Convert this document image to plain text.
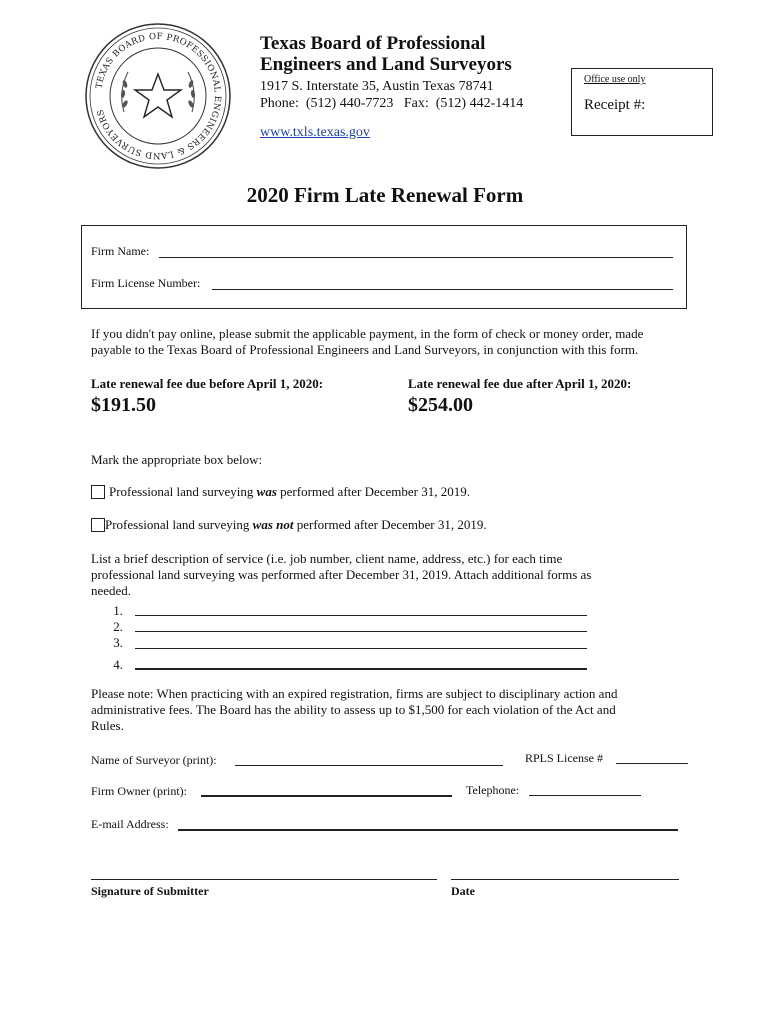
TEXAS BOARD OF PROFESSIONAL ENGINEERS & LAND SURVEYORS
Texas Board of Professional
Engineers and Land Surveyors
1917 S. Interstate 35, Austin Texas 78741
Phone:  (512) 440-7723   Fax:  (512) 442-1414
www.txls.texas.gov
Office use only
Receipt #:
2020 Firm Late Renewal Form
Firm Name:
Firm License Number:
If you didn't pay online, please submit the applicable payment, in the form of check or money order, made
payable to the Texas Board of Professional Engineers and Land Surveyors, in conjunction with this form.
Late renewal fee due before April 1, 2020:
$191.50
Late renewal fee due after April 1, 2020:
$254.00
Mark the appropriate box below:
Professional land surveying was performed after December 31, 2019.
Professional land surveying was not performed after December 31, 2019.
List a brief description of service (i.e. job number, client name, address, etc.) for each time
professional land surveying was performed after December 31, 2019. Attach additional forms as
needed.
1.
2.
3.
4.
Please note: When practicing with an expired registration, firms are subject to disciplinary action and
administrative fees. The Board has the ability to assess up to $1,500 for each violation of the Act and
Rules.
Name of Surveyor (print):	RPLS License #
Firm Owner (print):	Telephone:
E-mail Address:
Signature of Submitter	Date
